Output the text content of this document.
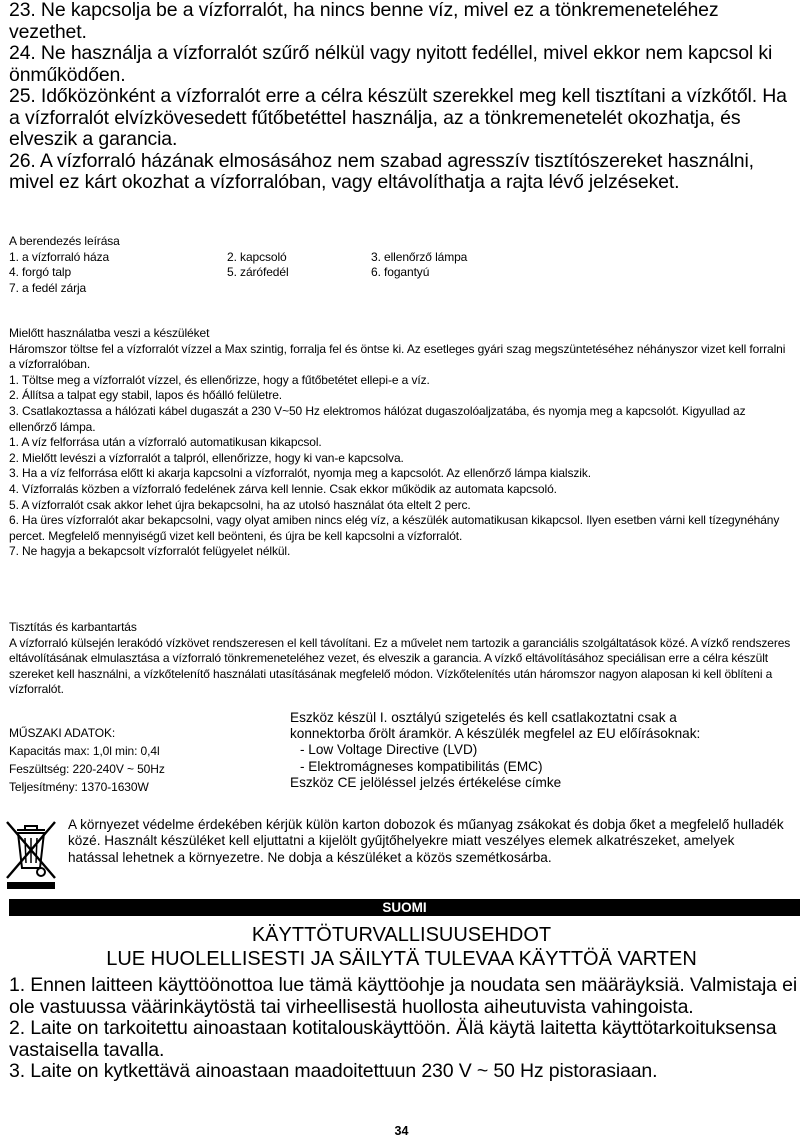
23. Ne kapcsolja be a vízforralót, ha nincs benne víz, mivel ez a tönkremeneteléhez vezethet.

24. Ne használja a vízforralót szűrő nélkül vagy nyitott fedéllel, mivel ekkor nem kapcsol ki önműködően.

25. Időközönként a vízforralót erre a célra készült szerekkel meg kell tisztítani a vízkőtől. Ha a vízforralót elvízkövesedett fűtőbetéttel használja, az a tönkremenetelét okozhatja, és elveszik a garancia.

26. A vízforraló házának elmosásához nem szabad agresszív tisztítószereket használni, mivel ez kárt okozhat a vízforralóban, vagy eltávolíthatja a rajta lévő jelzéseket.

A berendezés leírása

1. a vízforraló háza	2. kapcsoló	3. ellenőrző lámpa
4. forgó talp	5. zárófedél	6. fogantyú
7. a fedél zárja

Mielőtt használatba veszi a készüléket

Háromszor töltse fel a vízforralót vízzel a Max szintig, forralja fel és öntse ki. Az esetleges gyári szag megszüntetéséhez néhányszor vizet kell forralni a vízforralóban.

1. Töltse meg a vízforralót vízzel, és ellenőrizze, hogy a fűtőbetétet ellepi-e a víz.

2. Állítsa a talpat egy stabil, lapos és hőálló felületre.

3. Csatlakoztassa a hálózati kábel dugaszát a 230 V~50 Hz elektromos hálózat dugaszolóaljzatába, és nyomja meg a kapcsolót. Kigyullad az ellenőrző lámpa.

1. A víz felforrása után a vízforraló automatikusan kikapcsol.

2. Mielőtt levészi a vízforralót a talpról, ellenőrizze, hogy ki van-e kapcsolva.

3. Ha a víz felforrása előtt ki akarja kapcsolni a vízforralót, nyomja meg a kapcsolót. Az ellenőrző lámpa kialszik.

4. Vízforralás közben a vízforraló fedelének zárva kell lennie. Csak ekkor működik az automata kapcsoló.

5. A vízforralót csak akkor lehet újra bekapcsolni, ha az utolsó használat óta eltelt 2 perc.

6. Ha üres vízforralót akar bekapcsolni, vagy olyat amiben nincs elég víz, a készülék automatikusan kikapcsol. Ilyen esetben várni kell tízegynéhány percet. Megfelelő mennyiségű vizet kell beönteni, és újra be kell kapcsolni a vízforralót.

7. Ne hagyja a bekapcsolt vízforralót felügyelet nélkül.

Tisztítás és karbantartás

A vízforraló külsején lerakódó vízkövet rendszeresen el kell távolítani. Ez a művelet nem tartozik a garanciális szolgáltatások közé. A vízkő rendszeres eltávolításának elmulasztása a vízforraló tönkremeneteléhez vezet, és elveszik a garancia. A vízkő eltávolításához speciálisan erre a célra készült szereket kell használni, a vízkőtelenítő használati utasításának megfelelő módon. Vízkőtelenítés után háromszor nagyon alaposan ki kell öblíteni a vízforralót.

MŰSZAKI ADATOK:
Kapacitás max: 1,0l min: 0,4l
Feszültség: 220-240V ~ 50Hz
Teljesítmény: 1370-1630W

Eszköz készül I. osztályú szigetelés és kell csatlakoztatni csak a

konnektorba őrölt áramkör. A készülék megfelel az EU előírásoknak:

- Low Voltage Directive (LVD)

- Elektromágneses kompatibilitás (EMC)

Eszköz CE jelöléssel jelzés értékelése címke

A környezet védelme érdekében kérjük külön karton dobozok és műanyag zsákokat és dobja őket a megfelelő hulladék közé. Használt készüléket kell eljuttatni a kijelölt gyűjtőhelyekre miatt veszélyes elemek alkatrészeket, amelyek hatással lehetnek a környezetre. Ne dobja a készüléket a közös szemétkosárba.
SUOMI
KÄYTTÖTURVALLISUUSEHDOT
LUE HUOLELLISESTI JA SÄILYTÄ TULEVAA KÄYTTÖÄ VARTEN

1. Ennen laitteen käyttöönottoa lue tämä käyttöohje ja noudata sen määräyksiä. Valmistaja ei ole vastuussa väärinkäytöstä tai virheellisestä huollosta aiheutuvista vahingoista.

2. Laite on tarkoitettu ainoastaan kotitalouskäyttöön. Älä käytä laitetta käyttötarkoituksensa vastaisella tavalla.

3. Laite on kytkettävä ainoastaan maadoitettuun 230 V ~ 50 Hz pistorasiaan.

34
